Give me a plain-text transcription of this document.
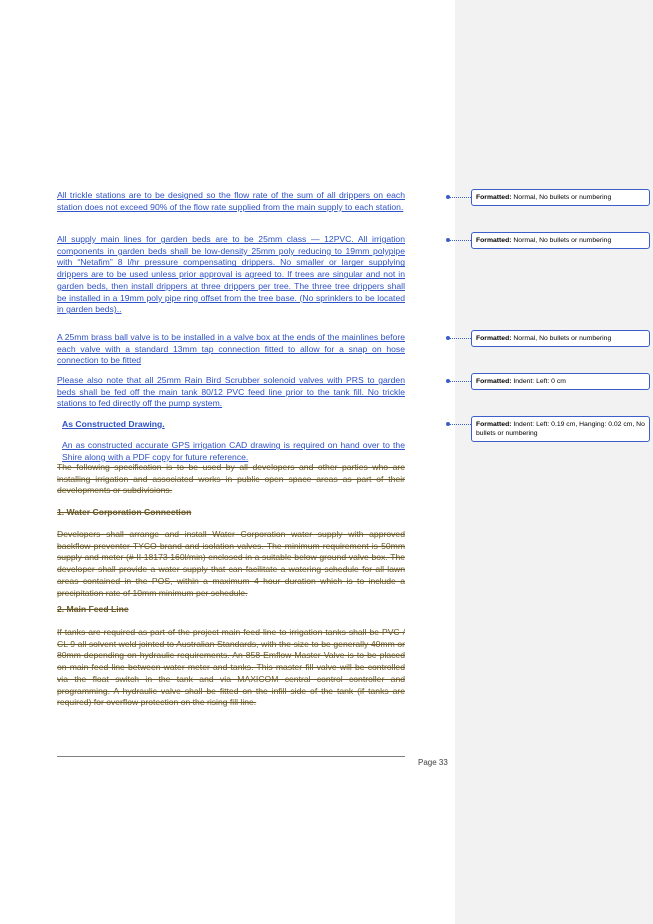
All trickle stations are to be designed so the flow rate of the sum of all drippers on each station does not exceed 90% of the flow rate supplied from the main supply to each station.

All supply main lines for garden beds are to be 25mm class — 12PVC. All irrigation components in garden beds shall be low-density 25mm poly reducing to 19mm polypipe with “Netafim” 8 l/hr pressure compensating drippers. No smaller or larger supplying drippers are to be used unless prior approval is agreed to. If trees are singular and not in garden beds, then install drippers at three drippers per tree. The three tree drippers shall be installed in a 19mm poly pipe ring offset from the tree base. (No sprinklers to be located in garden beds)..

A 25mm brass ball valve is to be installed in a valve box at the ends of the mainlines before each valve with a standard 13mm tap connection fitted to allow for a snap on hose connection to be fitted

Please also note that all 25mm Rain Bird Scrubber solenoid valves with PRS to garden beds shall be fed off the main tank 80/12 PVC feed line prior to the tank fill. No trickle stations to fed directly off the pump system.

As Constructed Drawing.

An as constructed accurate GPS irrigation CAD drawing is required on hand over to the Shire along with a PDF copy for future reference.

The following specification is to be used by all developers and other parties who are installing irrigation and associated works in public open space areas as part of their developments or subdivisions.

1. Water Corporation Connection

Developers shall arrange and install Water Corporation water supply with approved backflow preventer TYCO brand and isolation valves. The minimum requirement is 50mm supply and meter (# II 18173 160l/min) enclosed in a suitable below ground valve box. The developer shall provide a water supply that can facilitate a watering schedule for all lawn areas contained in the POS, within a maximum 4 hour duration which is to include a precipitation rate of 10mm minimum per schedule.

2. Main Feed Line

If tanks are required as part of the project main feed line to irrigation tanks shall be PVC / CL 9 all solvent weld jointed to Australian Standards, with the size to be generally 40mm or 80mm depending on hydraulic requirements. An 858 Emflow Master Valve is to be placed on main feed line between water meter and tanks. This master fill valve will be controlled via the float switch in the tank and via MAXICOM central control controller and programming. A hydraulic valve shall be fitted on the infill side of the tank (if tanks are required) for overflow protection on the rising fill line.

Page 33
Formatted: Normal, No bullets or numbering
Formatted: Normal, No bullets or numbering
Formatted: Normal, No bullets or numbering
Formatted: Indent: Left: 0 cm
Formatted: Indent: Left: 0.19 cm, Hanging: 0.02 cm, No bullets or numbering
